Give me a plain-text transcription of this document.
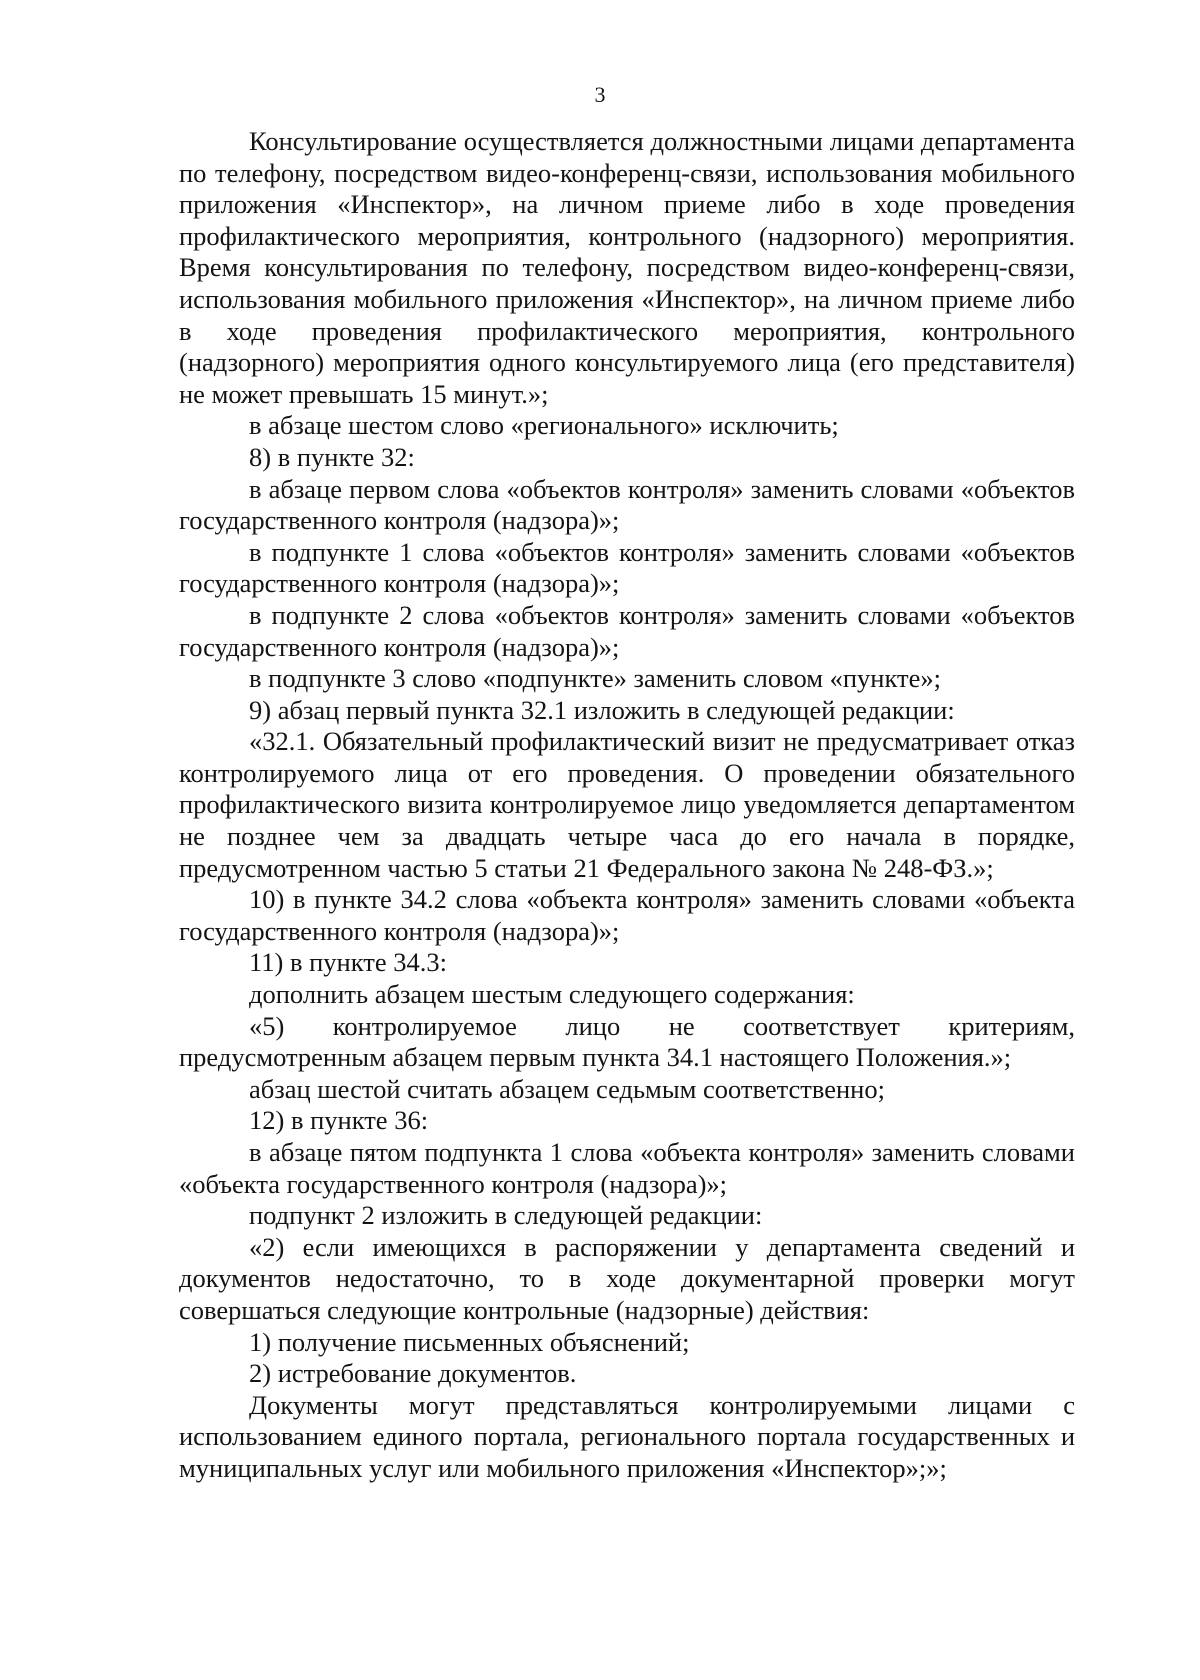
3

Консультирование осуществляется должностными лицами департамента по телефону, посредством видео-конференц-связи, использования мобильного приложения «Инспектор», на личном приеме либо в ходе проведения профилактического мероприятия, контрольного (надзорного) мероприятия. Время консультирования по телефону, посредством видео-конференц-связи, использования мобильного приложения «Инспектор», на личном приеме либо в ходе проведения профилактического мероприятия, контрольного (надзорного) мероприятия одного консультируемого лица (его представителя) не может превышать 15 минут.»;

в абзаце шестом слово «регионального» исключить;

8) в пункте 32:

в абзаце первом слова «объектов контроля» заменить словами «объектов государственного контроля (надзора)»;

в подпункте 1 слова «объектов контроля» заменить словами «объектов государственного контроля (надзора)»;

в подпункте 2 слова «объектов контроля» заменить словами «объектов государственного контроля (надзора)»;

в подпункте 3 слово «подпункте» заменить словом «пункте»;

9) абзац первый пункта 32.1 изложить в следующей редакции:

«32.1. Обязательный профилактический визит не предусматривает отказ контролируемого лица от его проведения. О проведении обязательного профилактического визита контролируемое лицо уведомляется департаментом не позднее чем за двадцать четыре часа до его начала в порядке, предусмотренном частью 5 статьи 21 Федерального закона № 248-ФЗ.»;

10) в пункте 34.2 слова «объекта контроля» заменить словами «объекта государственного контроля (надзора)»;

11) в пункте 34.3:

дополнить абзацем шестым следующего содержания:

«5) контролируемое лицо не соответствует критериям, предусмотренным абзацем первым пункта 34.1 настоящего Положения.»;

абзац шестой считать абзацем седьмым соответственно;

12) в пункте 36:

в абзаце пятом подпункта 1 слова «объекта контроля» заменить словами «объекта государственного контроля (надзора)»;

подпункт 2 изложить в следующей редакции:

«2) если имеющихся в распоряжении у департамента сведений и документов недостаточно, то в ходе документарной проверки могут совершаться следующие контрольные (надзорные) действия:

1) получение письменных объяснений;

2) истребование документов.

Документы могут представляться контролируемыми лицами с использованием единого портала, регионального портала государственных и муниципальных услуг или мобильного приложения «Инспектор»;»;
